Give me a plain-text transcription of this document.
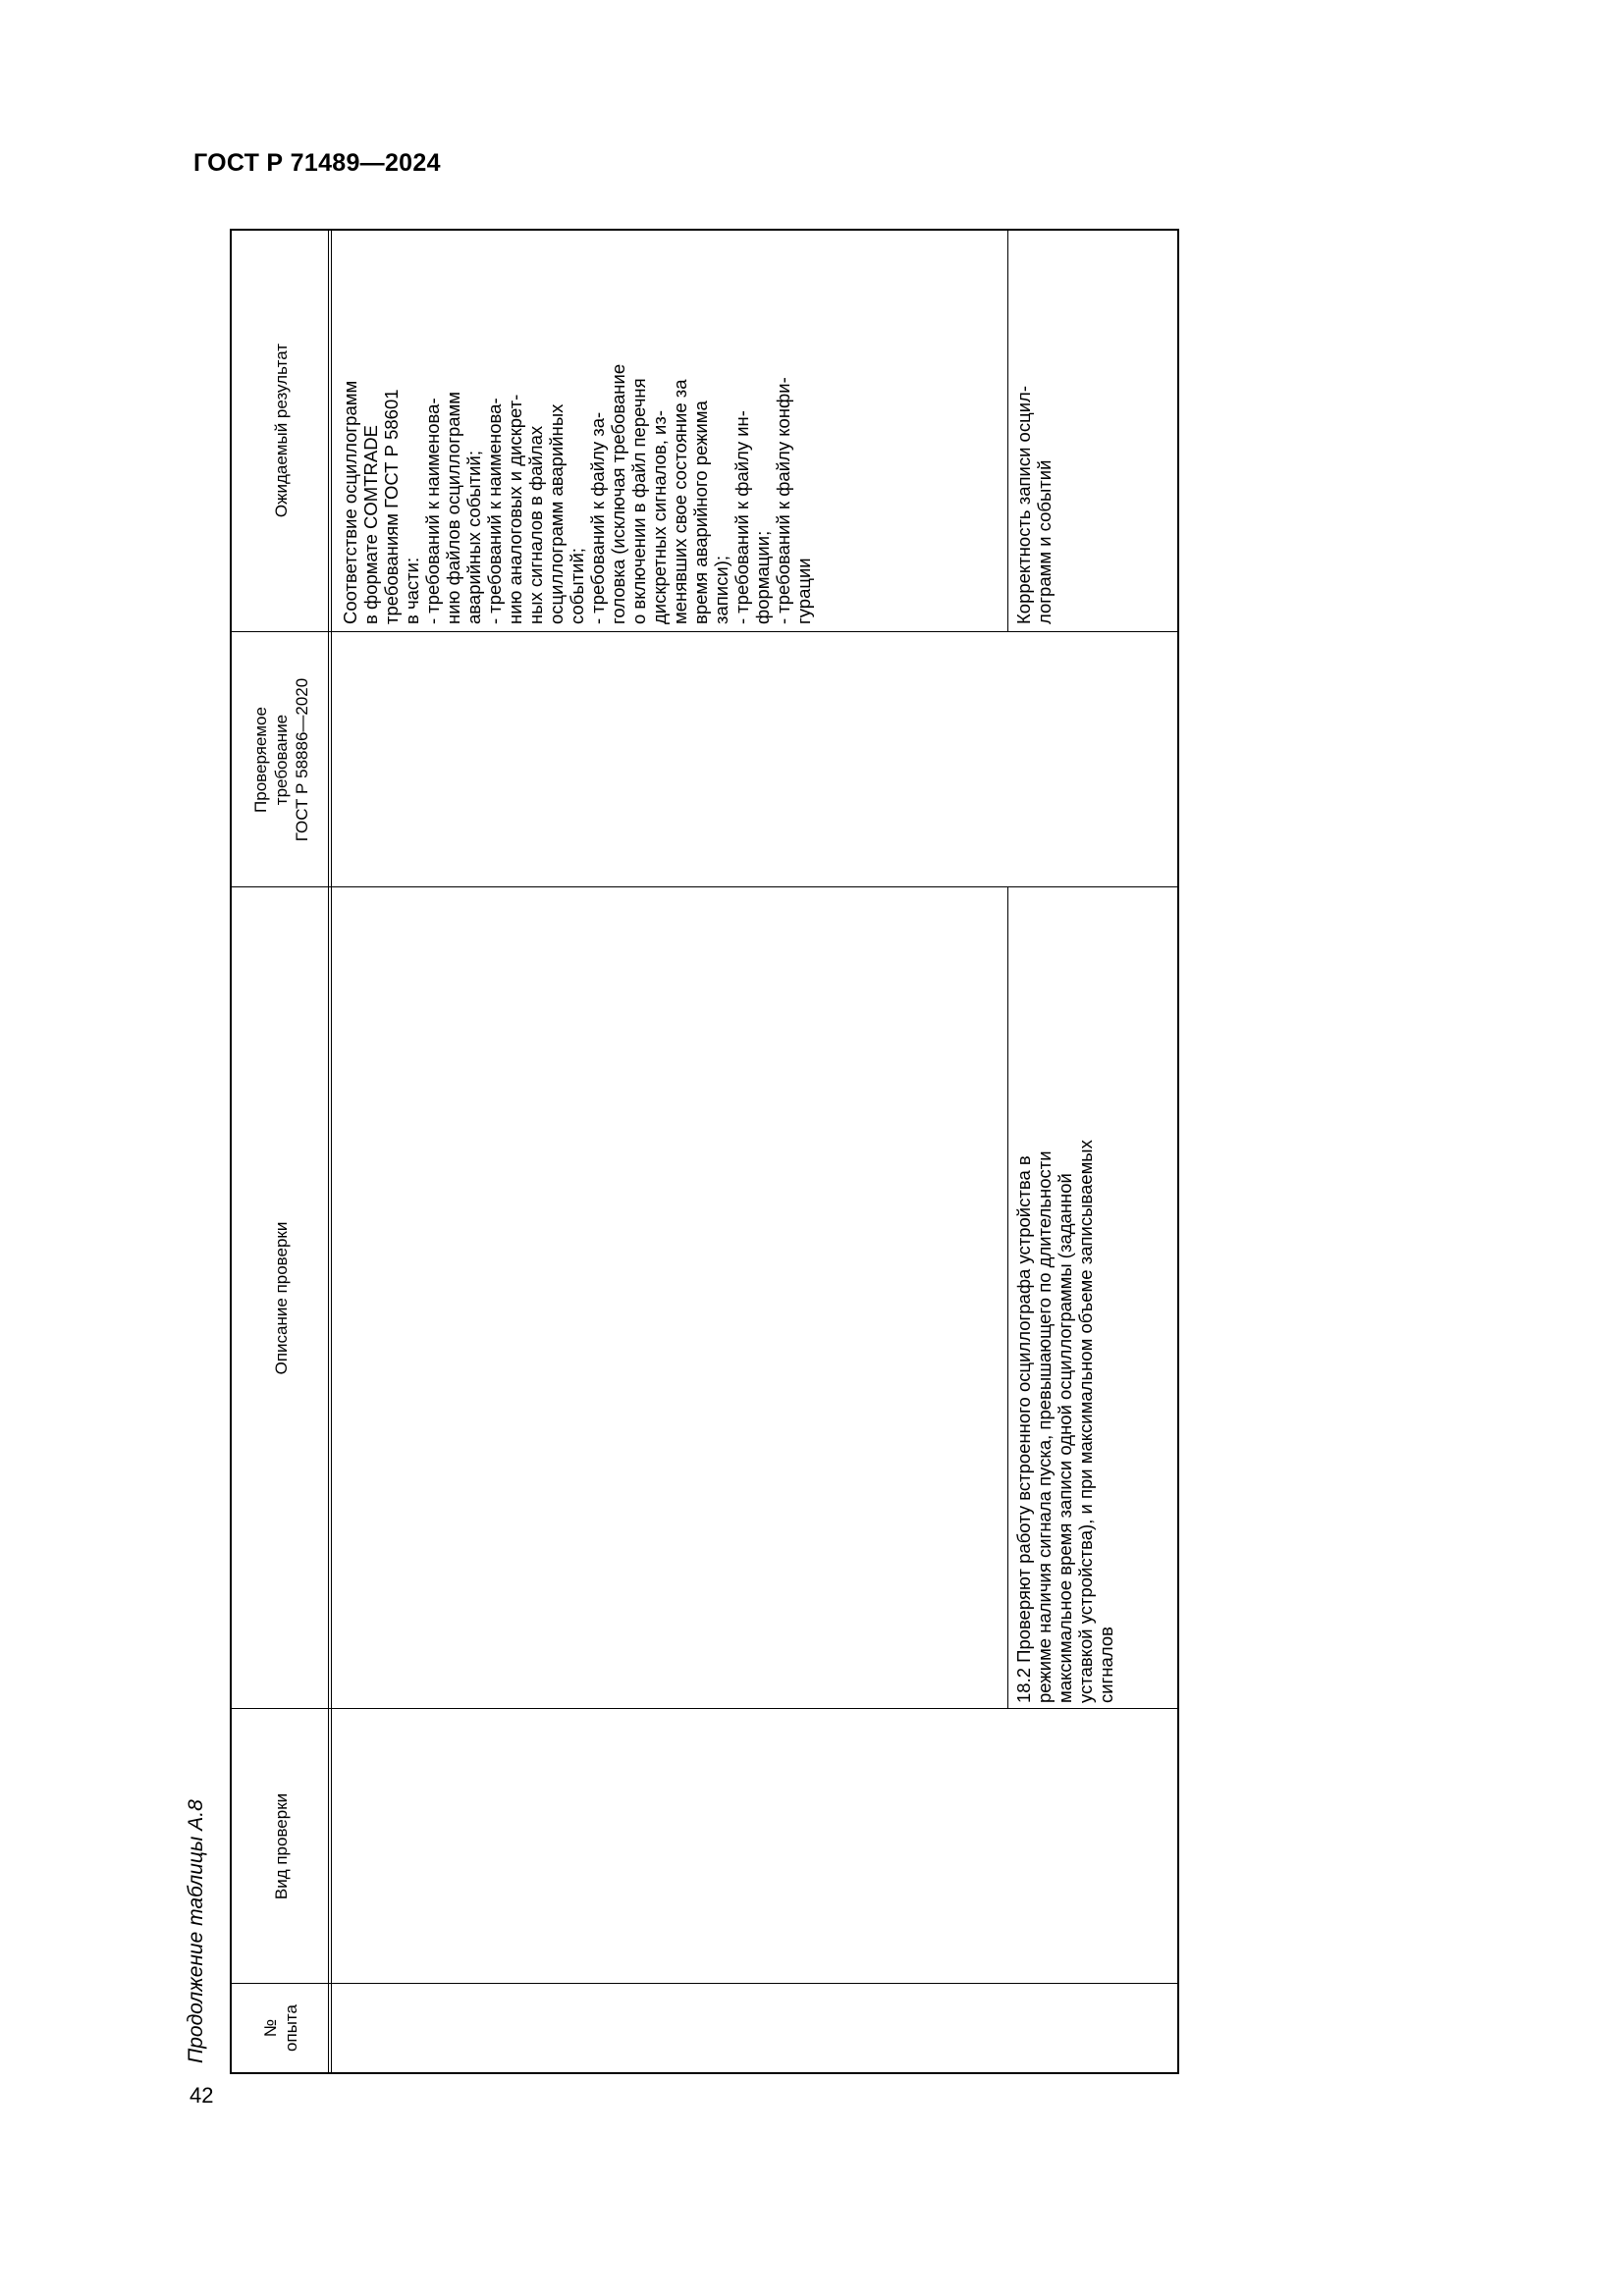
ГОСТ Р 71489—2024
42
Продолжение таблицы А.8	№
опыта
Вид проверки
Описание проверки
Проверяемое
требование
ГОСТ Р 58886—2020
Ожидаемый результат
Соответствие осциллограмм
в формате COMTRADE
требованиям ГОСТ Р 58601
в части:
- требований к наименова-
нию файлов осциллограмм
аварийных событий;
- требований к наименова-
нию аналоговых и дискрет-
ных сигналов в файлах
осциллограмм аварийных
событий;
- требований к файлу за-
головка (исключая требование
о включении в файл перечня
дискретных сигналов, из-
менявших свое состояние за
время аварийного режима
записи);
- требований к файлу ин-
формации;
- требований к файлу конфи-
гурации
18.2 Проверяют работу встроенного осциллографа устройства в
режиме наличия сигнала пуска, превышающего по длительности
максимальное время записи одной осциллограммы (заданной
уставкой устройства), и при максимальном объеме записываемых
сигналов
Корректность записи осцил-
лограмм и событий
